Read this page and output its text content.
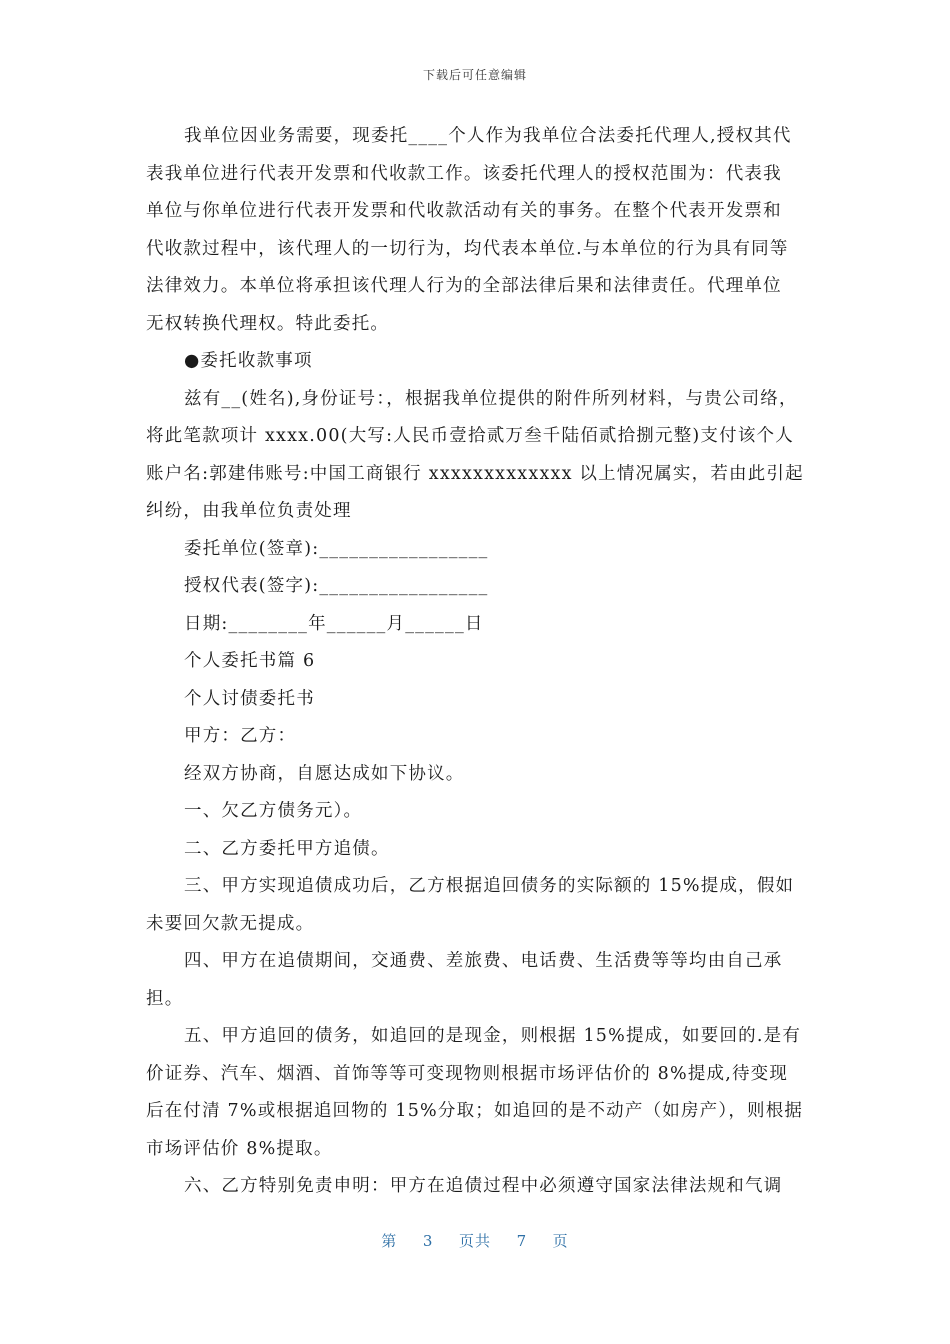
下载后可任意编辑
我单位因业务需要，现委托____个人作为我单位合法委托代理人,授权其代
表我单位进行代表开发票和代收款工作。该委托代理人的授权范围为：代表我
单位与你单位进行代表开发票和代收款活动有关的事务。在整个代表开发票和
代收款过程中，该代理人的一切行为，均代表本单位.与本单位的行为具有同等
法律效力。本单位将承担该代理人行为的全部法律后果和法律责任。代理单位
无权转换代理权。特此委托。
●委托收款事项
兹有__(姓名),身份证号：，根据我单位提供的附件所列材料，与贵公司络，
将此笔款项计 xxxx.00(大写:人民币壹拾贰万叁千陆佰贰拾捌元整)支付该个人
账户名:郭建伟账号:中国工商银行 xxxxxxxxxxxxx 以上情况属实，若由此引起
纠纷，由我单位负责处理
委托单位(签章):_________________
授权代表(签字):_________________
日期:________年______月______日
个人委托书篇 6
个人讨债委托书
甲方：乙方：
经双方协商，自愿达成如下协议。
一、欠乙方债务元）。
二、乙方委托甲方追债。
三、甲方实现追债成功后，乙方根据追回债务的实际额的 15%提成，假如
未要回欠款无提成。
四、甲方在追债期间，交通费、差旅费、电话费、生活费等等均由自己承
担。
五、甲方追回的债务，如追回的是现金，则根据 15%提成，如要回的.是有
价证券、汽车、烟酒、首饰等等可变现物则根据市场评估价的 8%提成,待变现
后在付清 7%或根据追回物的 15%分取；如追回的是不动产（如房产），则根据
市场评估价 8%提取。
六、乙方特别免责申明：甲方在追债过程中必须遵守国家法律法规和气调
第 3 页共 7 页
